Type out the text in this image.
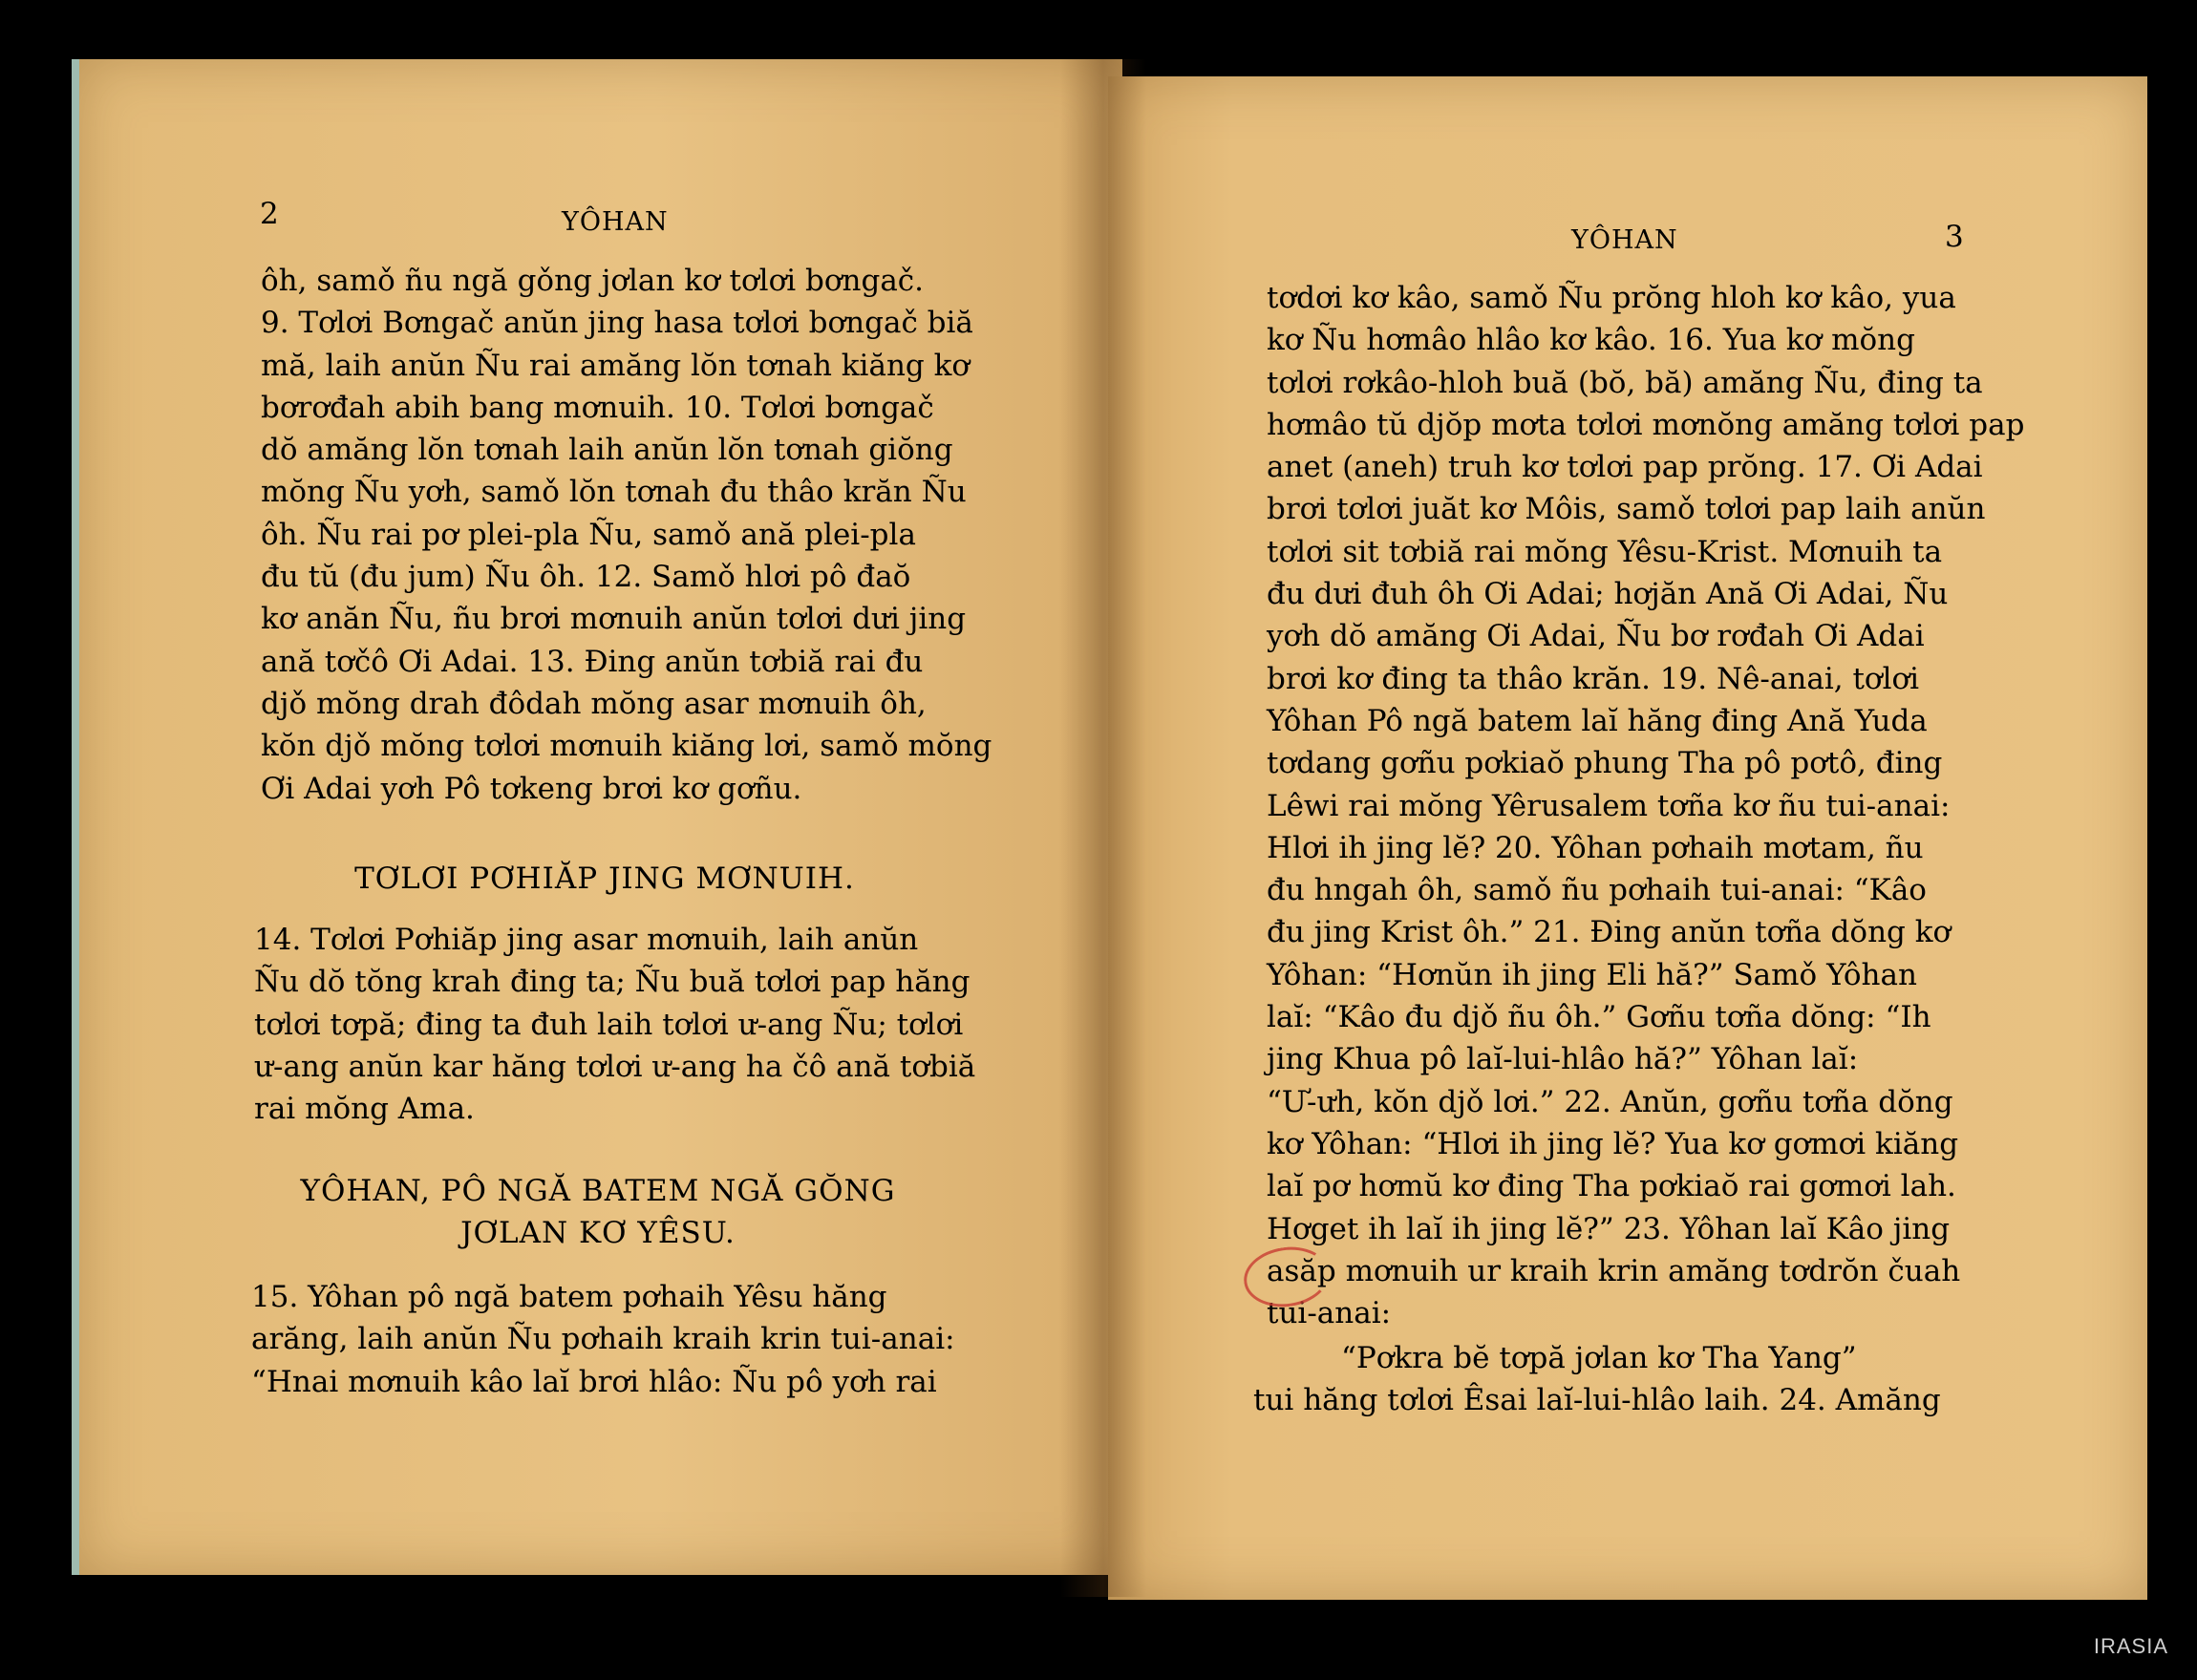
2	YÔHAN
ôh, samǒ ñu ngă gǒng jơlan kơ tơlơi bơngač.
9. Tơlơi Bơngač anŭn jing hasa tơlơi bơngač biă
mă, laih anŭn Ñu rai amăng lŏn tơnah kiăng kơ
bơrơđah abih bang mơnuih. 10. Tơlơi bơngač
dŏ amăng lŏn tơnah laih anŭn lŏn tơnah giŏng
mŏng Ñu yơh, samǒ lŏn tơnah đu thâo krăn Ñu
ôh. Ñu rai pơ plei-pla Ñu, samǒ ană plei-pla
đu tŭ (đu jum) Ñu ôh. 12. Samǒ hlơi pô đaŏ
kơ anăn Ñu, ñu brơi mơnuih anŭn tơlơi dưi jing
ană tơčô Ơi Adai. 13. Đing anŭn tơbiă rai đu
djǒ mŏng drah đôdah mŏng asar mơnuih ôh,
kŏn djǒ mŏng tơlơi mơnuih kiăng lơi, samǒ mŏng
Ơi Adai yơh Pô tơkeng brơi kơ gơñu.
TƠLƠI PƠHIĂP JING MƠNUIH.
14. Tơlơi Pơhiăp jing asar mơnuih, laih anŭn
Ñu dŏ tŏng krah đing ta; Ñu buă tơlơi pap hăng
tơlơi tơpă; đing ta đuh laih tơlơi ư-ang Ñu; tơlơi
ư-ang anŭn kar hăng tơlơi ư-ang ha čô ană tơbiă
rai mŏng Ama.
YÔHAN, PÔ NGĂ BATEM NGĂ GŎNG
JƠLAN KƠ YÊSU.
15. Yôhan pô ngă batem pơhaih Yêsu hăng
arăng, laih anŭn Ñu pơhaih kraih krin tui-anai:
“Hnai mơnuih kâo laĭ brơi hlâo: Ñu pô yơh rai
YÔHAN	3
tơdơi kơ kâo, samǒ Ñu prŏng hloh kơ kâo, yua
kơ Ñu hơmâo hlâo kơ kâo. 16. Yua kơ mŏng
tơlơi rơkâo-hloh buă (bŏ, bă) amăng Ñu, đing ta
hơmâo tŭ djŏp mơta tơlơi mơnŏng amăng tơlơi pap
anet (aneh) truh kơ tơlơi pap prŏng. 17. Ơi Adai
brơi tơlơi juăt kơ Môis, samǒ tơlơi pap laih anŭn
tơlơi sit tơbiă rai mŏng Yêsu-Krist. Mơnuih ta
đu dưi đuh ôh Ơi Adai; hơjăn Ană Ơi Adai, Ñu
yơh dŏ amăng Ơi Adai, Ñu bơ rơđah Ơi Adai
brơi kơ đing ta thâo krăn. 19. Nê-anai, tơlơi
Yôhan Pô ngă batem laĭ hăng đing Ană Yuda
tơdang gơñu pơkiaŏ phung Tha pô pơtô, đing
Lêwi rai mŏng Yêrusalem tơña kơ ñu tui-anai:
Hlơi ih jing lĕ? 20. Yôhan pơhaih mơtam, ñu
đu hngah ôh, samǒ ñu pơhaih tui-anai: “Kâo
đu jing Krist ôh.” 21. Đing anŭn tơña dŏng kơ
Yôhan: “Hơnŭn ih jing Eli hă?” Samǒ Yôhan
laĭ: “Kâo đu djǒ ñu ôh.” Gơñu tơña dŏng: “Ih
jing Khua pô laĭ-lui-hlâo hă?” Yôhan laĭ:
“Ư-ưh, kŏn djǒ lơi.” 22. Anŭn, gơñu tơña dŏng
kơ Yôhan: “Hlơi ih jing lĕ? Yua kơ gơmơi kiăng
laĭ pơ hơmŭ kơ đing Tha pơkiaŏ rai gơmơi lah.
Hơget ih laĭ ih jing lĕ?” 23. Yôhan laĭ Kâo jing
asăp mơnuih ur kraih krin amăng tơdrŏn čuah
tui-anai:
“Pơkra bĕ tơpă jơlan kơ Tha Yang”
tui hăng tơlơi Êsai laĭ-lui-hlâo laih. 24. Amăng
IRASIA
